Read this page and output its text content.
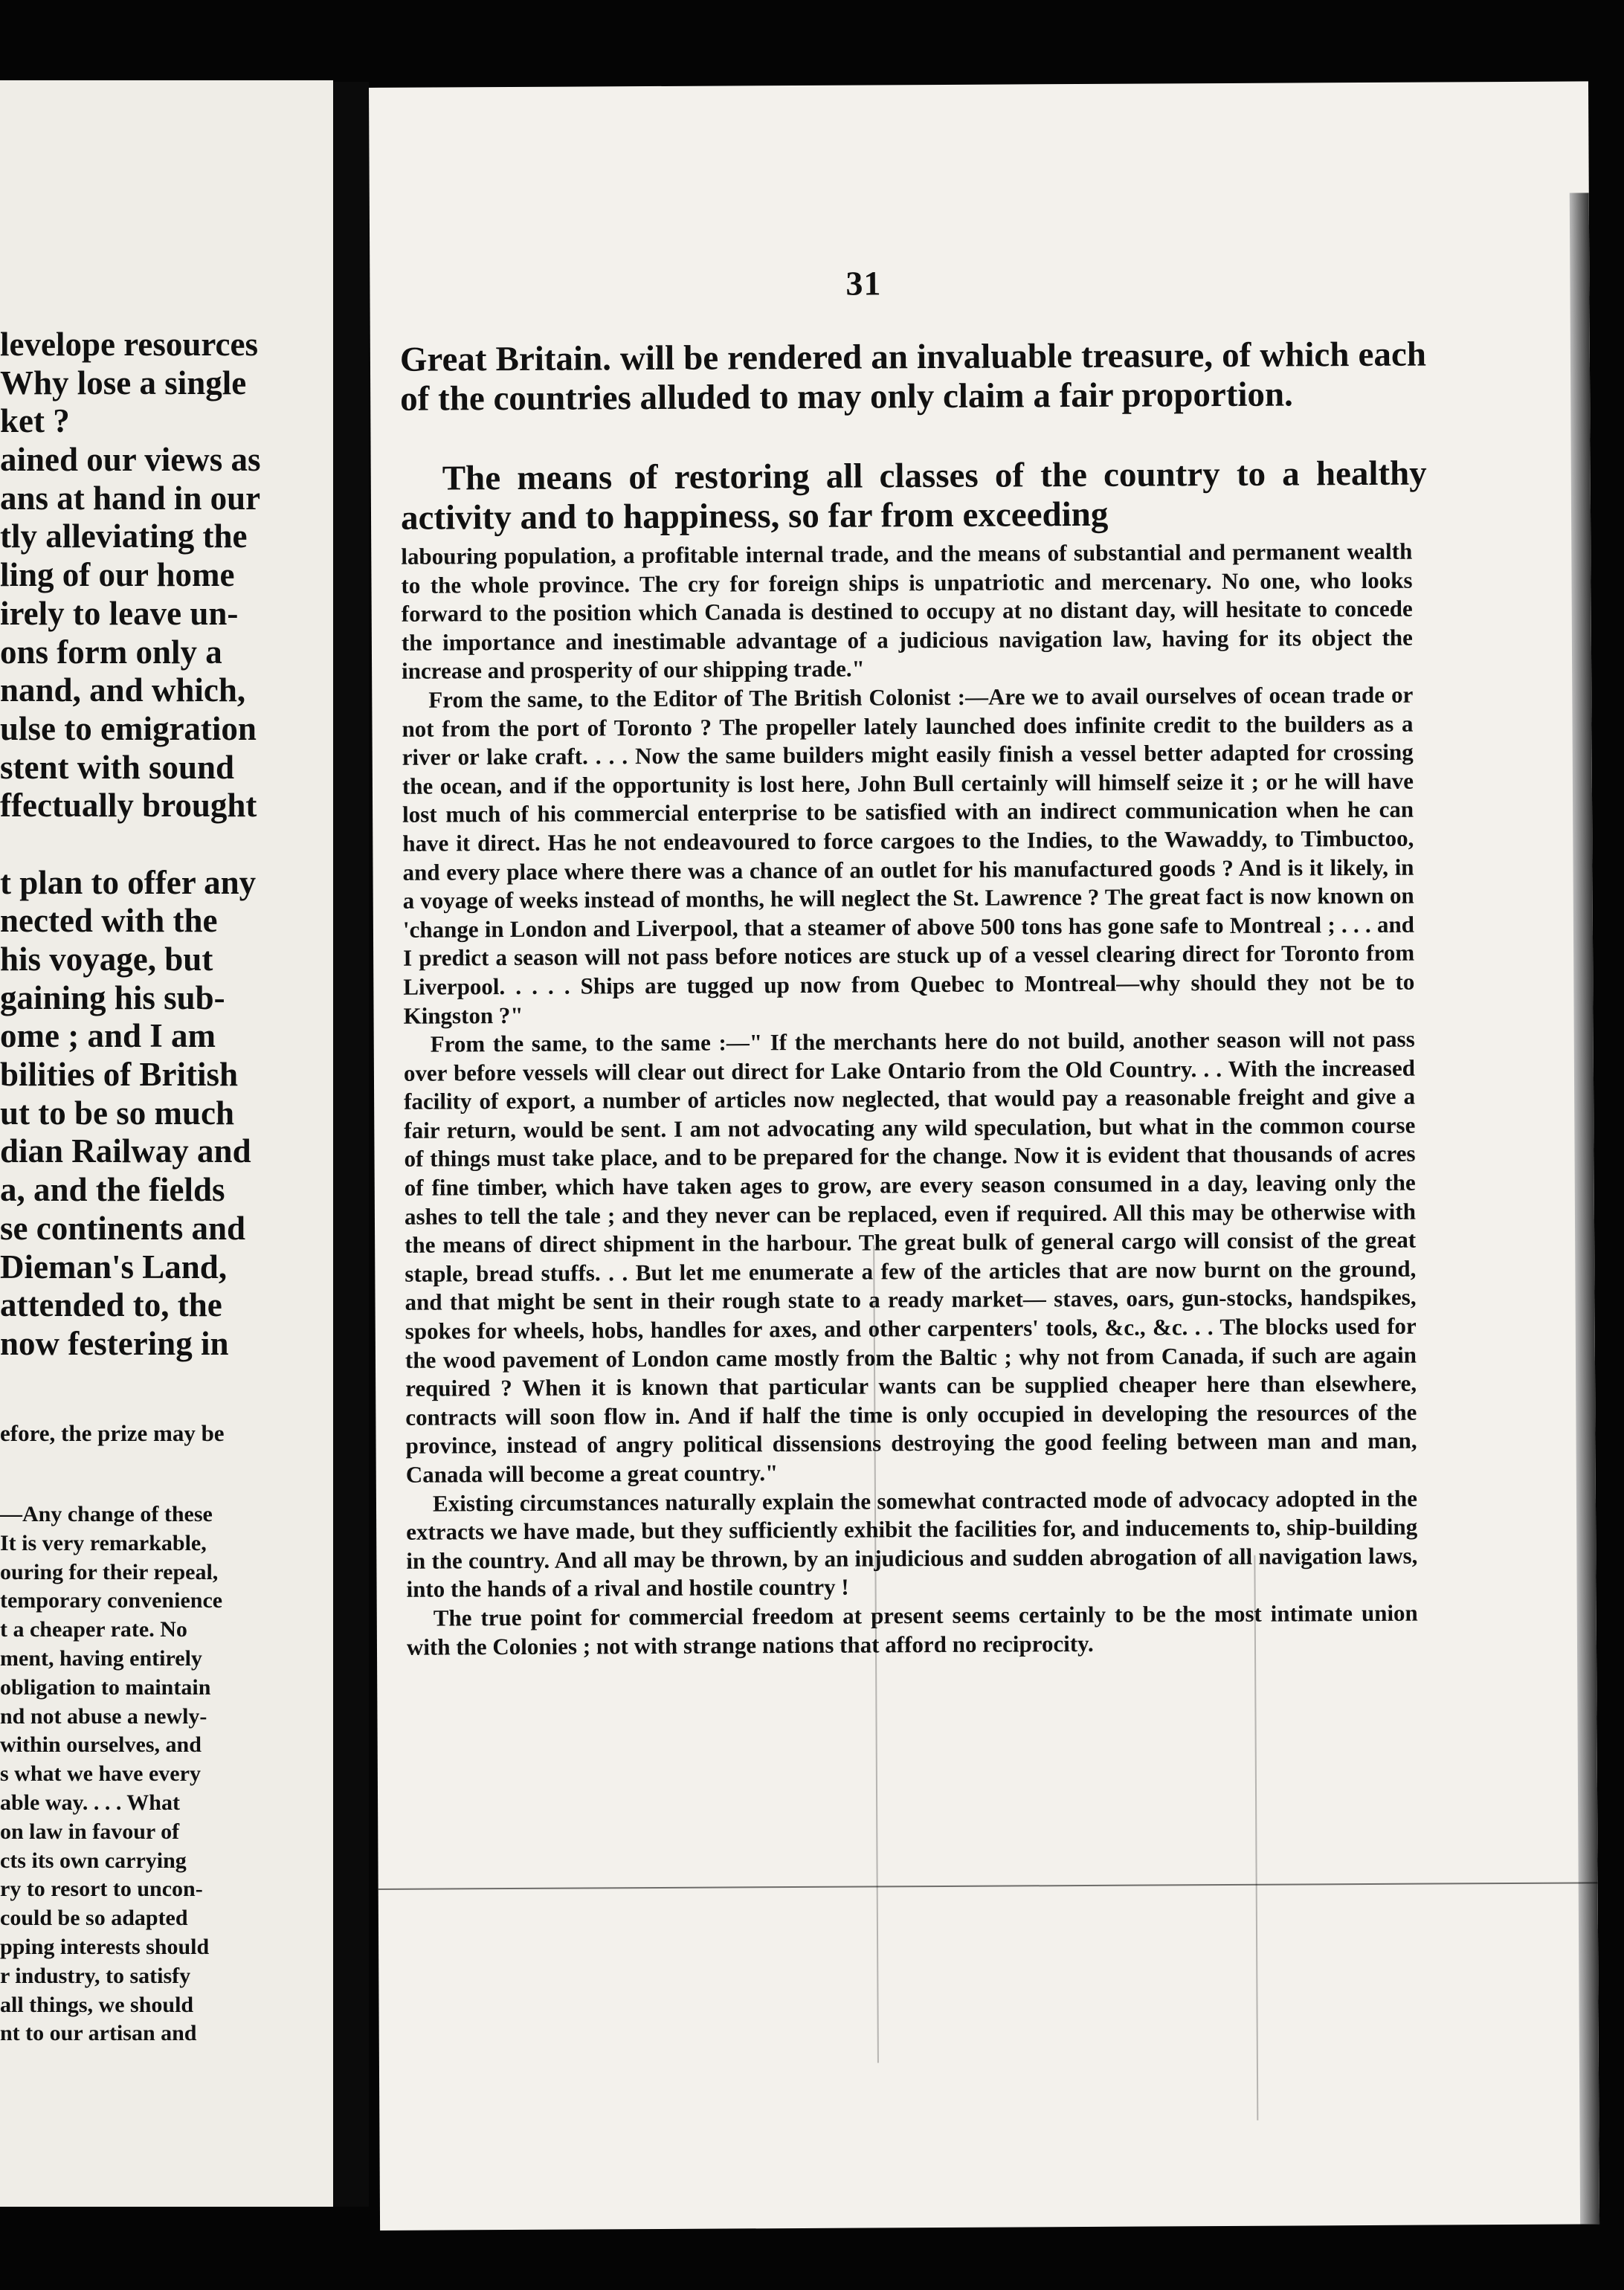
levelope resources
Why lose a single
ket ?
ained our views as
ans at hand in our
tly alleviating the
ling of our home
irely to leave un-
ons form only a
nand, and which,
ulse to emigration
stent with sound
ffectually brought
t plan to offer any
nected with the
his voyage, but
gaining his sub-
ome ; and I am
bilities of British
ut to be so much
dian Railway and
a, and the fields
se continents and
Dieman's Land,
attended to, the
now festering in
efore, the prize may be
—Any change of these
It is very remarkable,
ouring for their repeal,
temporary convenience
t a cheaper rate. No
ment, having entirely
obligation to maintain
nd not abuse a newly-
within ourselves, and
s what we have every
able way. . . . What
on law in favour of
cts its own carrying
ry to resort to uncon-
could be so adapted
pping interests should
r industry, to satisfy
all things, we should
nt to our artisan and
31

Great Britain. will be rendered an invaluable treasure, of which each of the countries alluded to may only claim a fair proportion.

The means of restoring all classes of the country to a healthy activity and to happiness, so far from exceeding

labouring population, a profitable internal trade, and the means of substantial and permanent wealth to the whole province. The cry for foreign ships is unpatriotic and mercenary. No one, who looks forward to the position which Canada is destined to occupy at no distant day, will hesitate to concede the importance and inestimable advantage of a judicious navigation law, having for its object the increase and prosperity of our shipping trade."

From the same, to the Editor of The British Colonist :—Are we to avail ourselves of ocean trade or not from the port of Toronto ? The propeller lately launched does infinite credit to the builders as a river or lake craft. . . . Now the same builders might easily finish a vessel better adapted for crossing the ocean, and if the opportunity is lost here, John Bull certainly will himself seize it ; or he will have lost much of his commercial enterprise to be satisfied with an indirect communication when he can have it direct. Has he not endeavoured to force cargoes to the Indies, to the Wawaddy, to Timbuctoo, and every place where there was a chance of an outlet for his manufactured goods ? And is it likely, in a voyage of weeks instead of months, he will neglect the St. Lawrence ? The great fact is now known on 'change in London and Liverpool, that a steamer of above 500 tons has gone safe to Montreal ; . . . and I predict a season will not pass before notices are stuck up of a vessel clearing direct for Toronto from Liverpool. . . . . Ships are tugged up now from Quebec to Montreal—why should they not be to Kingston ?"

From the same, to the same :—" If the merchants here do not build, another season will not pass over before vessels will clear out direct for Lake Ontario from the Old Country. . . With the increased facility of export, a number of articles now neglected, that would pay a reasonable freight and give a fair return, would be sent. I am not advocating any wild speculation, but what in the common course of things must take place, and to be prepared for the change. Now it is evident that thousands of acres of fine timber, which have taken ages to grow, are every season consumed in a day, leaving only the ashes to tell the tale ; and they never can be replaced, even if required. All this may be otherwise with the means of direct shipment in the harbour. The great bulk of general cargo will consist of the great staple, bread stuffs. . . But let me enumerate a few of the articles that are now burnt on the ground, and that might be sent in their rough state to a ready market— staves, oars, gun-stocks, handspikes, spokes for wheels, hobs, handles for axes, and other carpenters' tools, &c., &c. . . The blocks used for the wood pavement of London came mostly from the Baltic ; why not from Canada, if such are again required ? When it is known that particular wants can be supplied cheaper here than elsewhere, contracts will soon flow in. And if half the time is only occupied in developing the resources of the province, instead of angry political dissensions destroying the good feeling between man and man, Canada will become a great country."

Existing circumstances naturally explain the somewhat contracted mode of advocacy adopted in the extracts we have made, but they sufficiently exhibit the facilities for, and inducements to, ship-building in the country. And all may be thrown, by an injudicious and sudden abrogation of all navigation laws, into the hands of a rival and hostile country !

The true point for commercial freedom at present seems certainly to be the most intimate union with the Colonies ; not with strange nations that afford no reciprocity.
